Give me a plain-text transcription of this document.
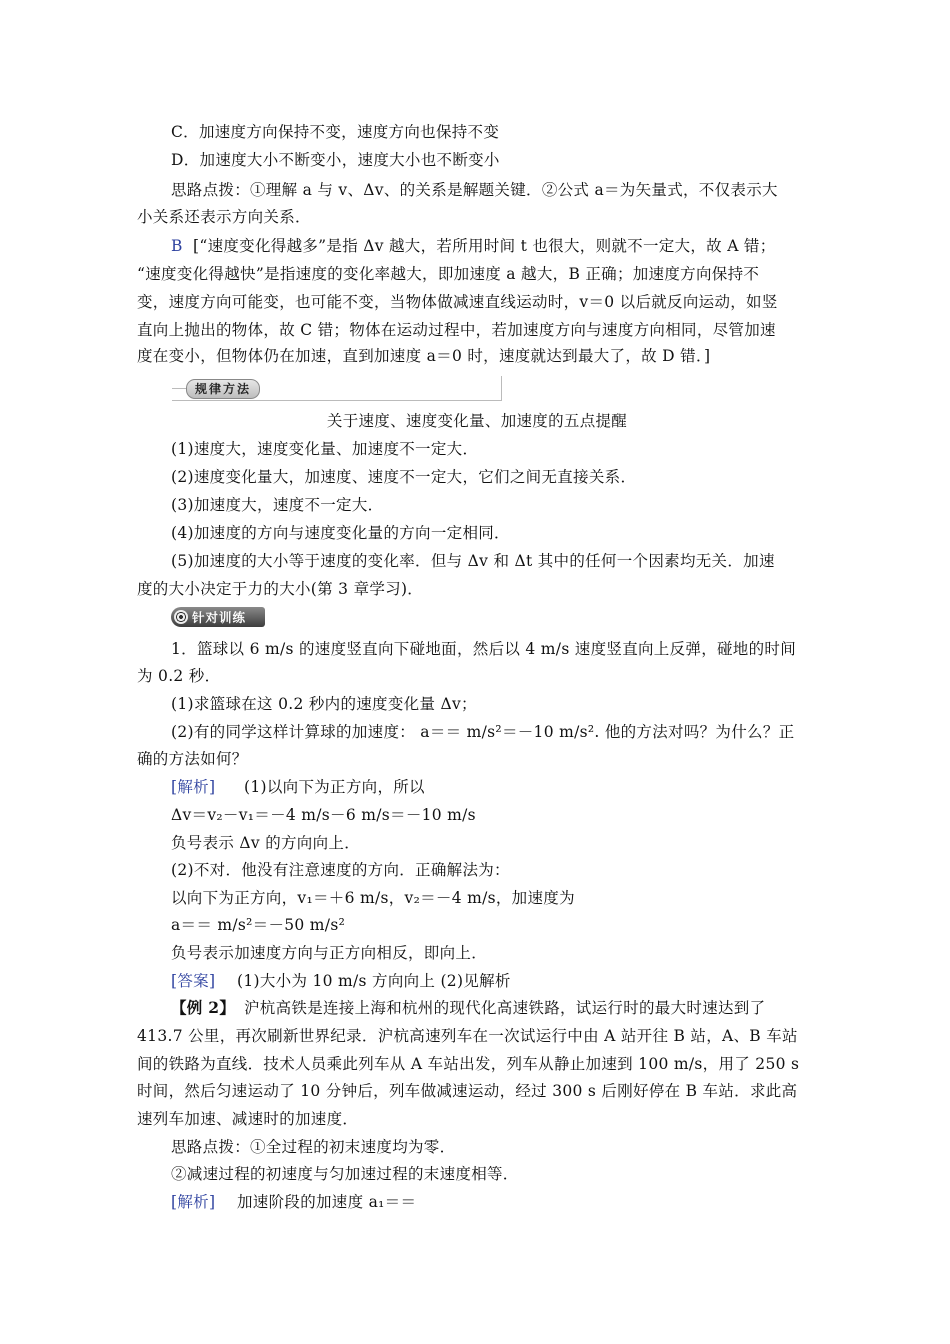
C．加速度方向保持不变，速度方向也保持不变
D．加速度大小不断变小，速度大小也不断变小
思路点拨：①理解 a 与 v、Δv、的关系是解题关键．②公式 a＝为矢量式，不仅表示大
小关系还表示方向关系．
B [“速度变化得越多”是指 Δv 越大，若所用时间 t 也很大，则就不一定大，故 A 错；
“速度变化得越快”是指速度的变化率越大，即加速度 a 越大，B 正确；加速度方向保持不
变，速度方向可能变，也可能不变，当物体做减速直线运动时，v＝0 以后就反向运动，如竖
直向上抛出的物体，故 C 错；物体在运动过程中，若加速度方向与速度方向相同，尽管加速
度在变小，但物体仍在加速，直到加速度 a＝0 时，速度就达到最大了，故 D 错．]
规律方法
关于速度、速度变化量、加速度的五点提醒
(1)速度大，速度变化量、加速度不一定大．
(2)速度变化量大，加速度、速度不一定大，它们之间无直接关系．
(3)加速度大，速度不一定大．
(4)加速度的方向与速度变化量的方向一定相同．
(5)加速度的大小等于速度的变化率．但与 Δv 和 Δt 其中的任何一个因素均无关．加速
度的大小决定于力的大小(第 3 章学习)．
针对训练
1．篮球以 6 m/s 的速度竖直向下碰地面，然后以 4 m/s 速度竖直向上反弹，碰地的时间
为 0.2 秒．
(1)求篮球在这 0.2 秒内的速度变化量 Δv；
(2)有的同学这样计算球的加速度： a＝＝ m/s²＝－10 m/s². 他的方法对吗？为什么？正
确的方法如何？
[解析]	(1)以向下为正方向，所以
Δv＝v₂－v₁＝－4 m/s－6 m/s＝－10 m/s
负号表示 Δv 的方向向上．
(2)不对．他没有注意速度的方向．正确解法为：
以向下为正方向，v₁＝＋6 m/s，v₂＝－4 m/s，加速度为
a＝＝ m/s²＝－50 m/s²
负号表示加速度方向与正方向相反，即向上．
[答案]	(1)大小为 10 m/s 方向向上 (2)见解析
【例 2】 沪杭高铁是连接上海和杭州的现代化高速铁路，试运行时的最大时速达到了
413.7 公里，再次刷新世界纪录．沪杭高速列车在一次试运行中由 A 站开往 B 站，A、B 车站
间的铁路为直线．技术人员乘此列车从 A 车站出发，列车从静止加速到 100 m/s，用了 250 s
时间，然后匀速运动了 10 分钟后，列车做减速运动，经过 300 s 后刚好停在 B 车站．求此高
速列车加速、减速时的加速度．
思路点拨：①全过程的初末速度均为零．
②减速过程的初速度与匀加速过程的末速度相等．
[解析]	加速阶段的加速度 a₁＝＝
